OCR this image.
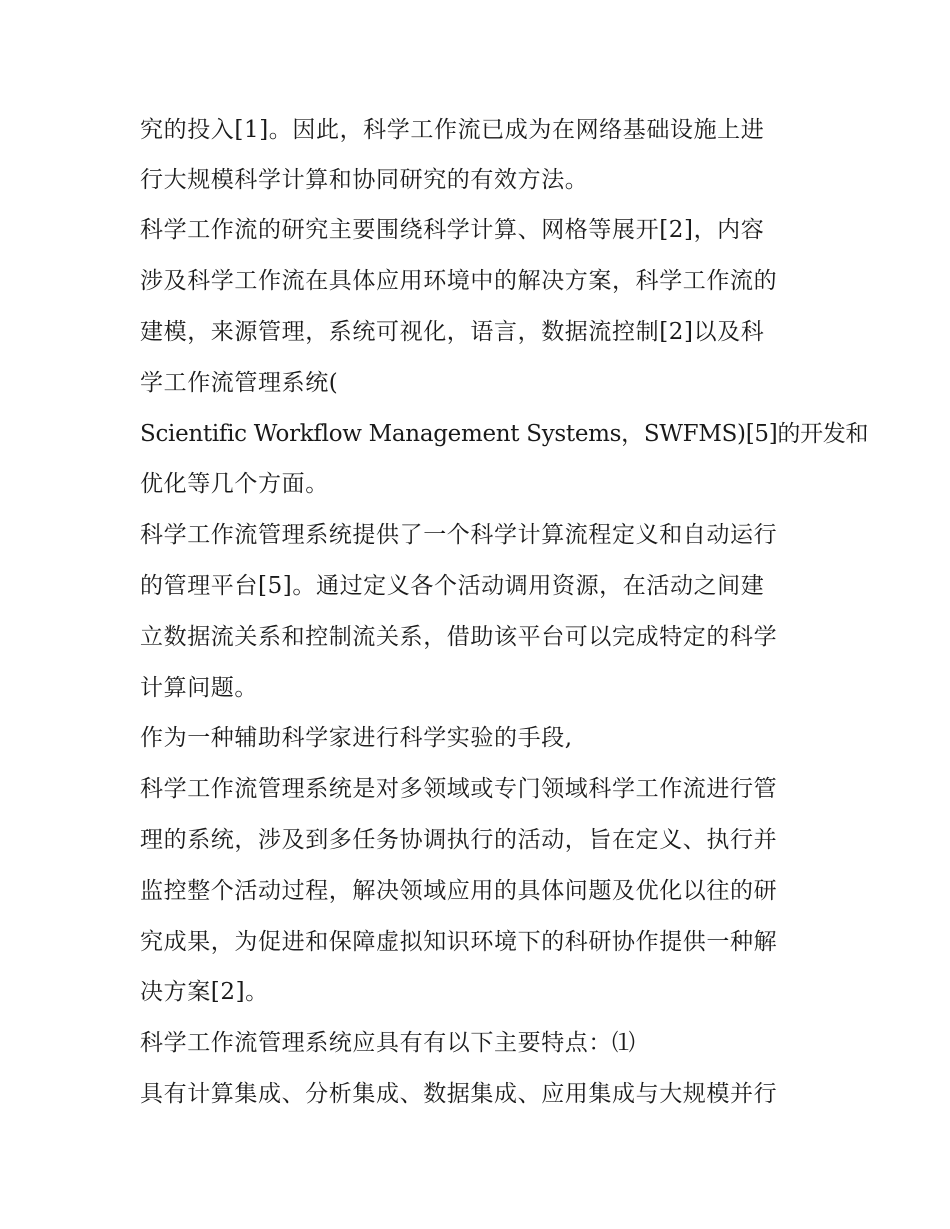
究的投入[1]。因此，科学工作流已成为在网络基础设施上进
行大规模科学计算和协同研究的有效方法。
科学工作流的研究主要围绕科学计算、网格等展开[2]，内容
涉及科学工作流在具体应用环境中的解决方案，科学工作流的
建模，来源管理，系统可视化，语言，数据流控制[2]以及科
学工作流管理系统(
Scientific Workflow Management Systems，SWFMS)[5]的开发和
优化等几个方面。
科学工作流管理系统提供了一个科学计算流程定义和自动运行
的管理平台[5]。通过定义各个活动调用资源，在活动之间建
立数据流关系和控制流关系，借助该平台可以完成特定的科学
计算问题。
作为一种辅助科学家进行科学实验的手段,
科学工作流管理系统是对多领域或专门领域科学工作流进行管
理的系统，涉及到多任务协调执行的活动，旨在定义、执行并
监控整个活动过程，解决领域应用的具体问题及优化以往的研
究成果，为促进和保障虚拟知识环境下的科研协作提供一种解
决方案[2]。
科学工作流管理系统应具有有以下主要特点：⑴
具有计算集成、分析集成、数据集成、应用集成与大规模并行
